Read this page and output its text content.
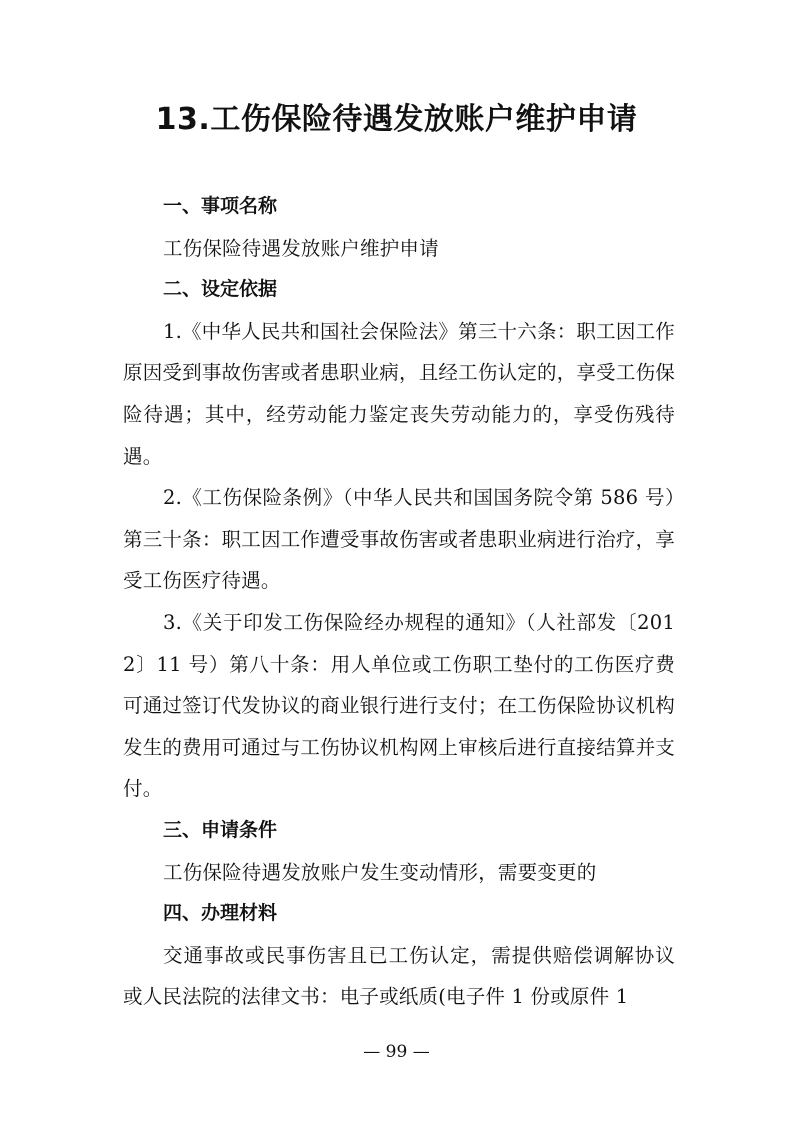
13.工伤保险待遇发放账户维护申请
一、事项名称
工伤保险待遇发放账户维护申请
二、设定依据
1.《中华人民共和国社会保险法》第三十六条：职工因工作原因受到事故伤害或者患职业病，且经工伤认定的，享受工伤保险待遇；其中，经劳动能力鉴定丧失劳动能力的，享受伤残待遇。
2.《工伤保险条例》（中华人民共和国国务院令第 586 号）第三十条：职工因工作遭受事故伤害或者患职业病进行治疗，享受工伤医疗待遇。
3.《关于印发工伤保险经办规程的通知》（人社部发〔2012〕11 号）第八十条：用人单位或工伤职工垫付的工伤医疗费可通过签订代发协议的商业银行进行支付；在工伤保险协议机构发生的费用可通过与工伤协议机构网上审核后进行直接结算并支付。
三、申请条件
工伤保险待遇发放账户发生变动情形，需要变更的
四、办理材料
交通事故或民事伤害且已工伤认定，需提供赔偿调解协议或人民法院的法律文书：电子或纸质(电子件 1 份或原件 1
— 99 —
